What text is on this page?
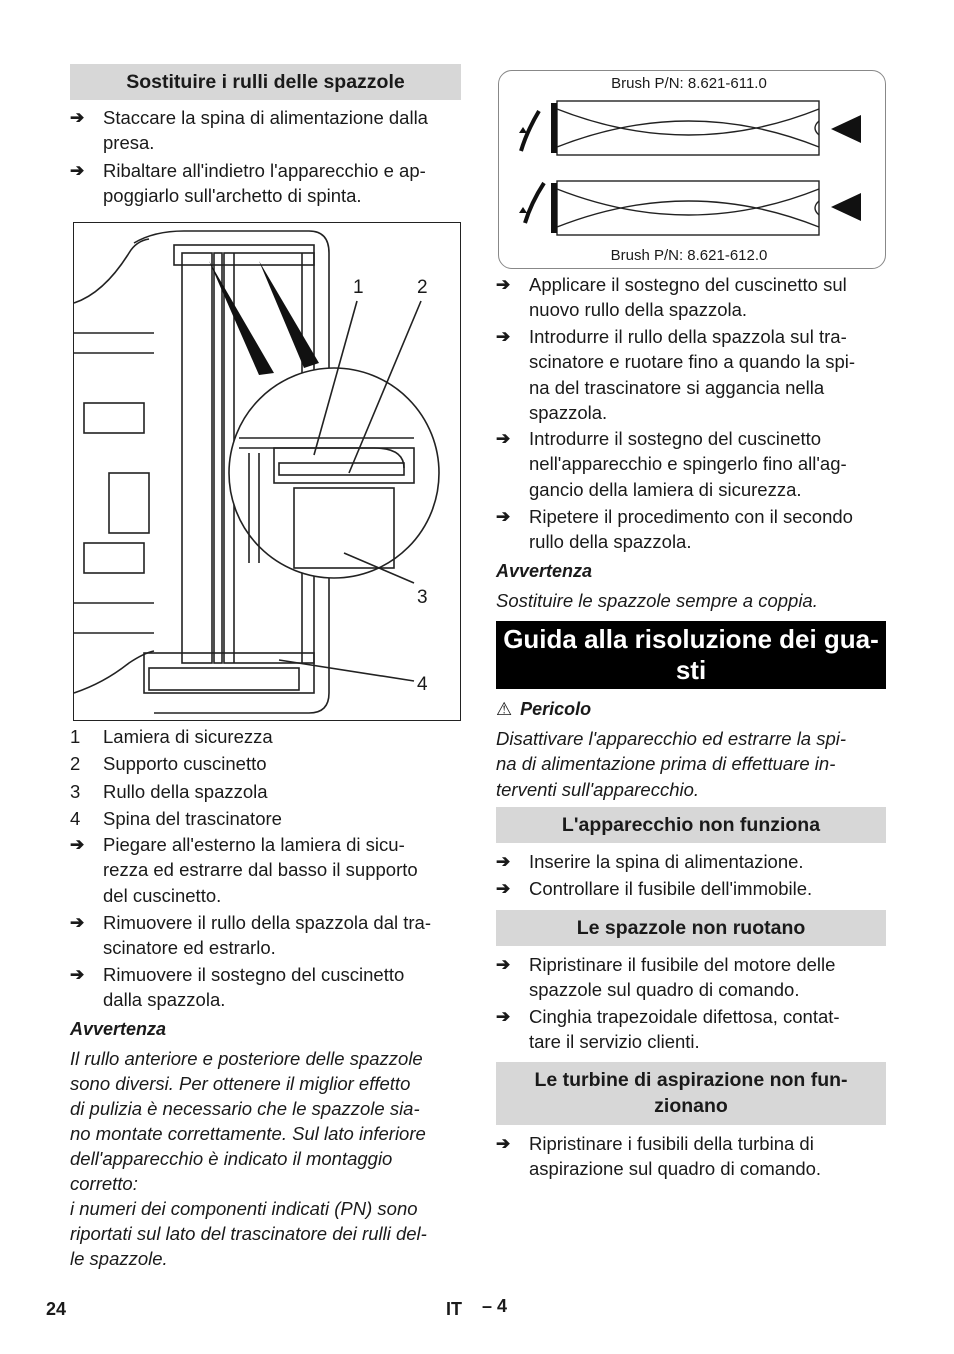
Sostituire i rulli delle spazzole
➔ Staccare la spina di alimentazione dalla
presa.
➔ Ribaltare all'indietro l'apparecchio e ap-
poggiarlo sull'archetto di spinta.
1	2
3
4
1 Lamiera di sicurezza
2 Supporto cuscinetto
3 Rullo della spazzola
4 Spina del trascinatore
➔ Piegare all'esterno la lamiera di sicu-
rezza ed estrarre dal basso il supporto
del cuscinetto.
➔ Rimuovere il rullo della spazzola dal tra-
scinatore ed estrarlo.
➔ Rimuovere il sostegno del cuscinetto
dalla spazzola.
Avvertenza
Il rullo anteriore e posteriore delle spazzole
sono diversi. Per ottenere il miglior effetto
di pulizia è necessario che le spazzole sia-
no montate correttamente. Sul lato inferiore
dell'apparecchio è indicato il montaggio
corretto:
i numeri dei componenti indicati (PN) sono
riportati sul lato del trascinatore dei rulli del-
le spazzole.
Brush P/N: 8.621-611.0
Brush P/N: 8.621-612.0
➔ Applicare il sostegno del cuscinetto sul
nuovo rullo della spazzola.
➔ Introdurre il rullo della spazzola sul tra-
scinatore e ruotare fino a quando la spi-
na del trascinatore si aggancia nella
spazzola.
➔ Introdurre il sostegno del cuscinetto
nell'apparecchio e spingerlo fino all'ag-
gancio della lamiera di sicurezza.
➔ Ripetere il procedimento con il secondo
rullo della spazzola.
Avvertenza
Sostituire le spazzole sempre a coppia.
Guida alla risoluzione dei gua-
sti
⚠ Pericolo
Disattivare l'apparecchio ed estrarre la spi-
na di alimentazione prima di effettuare in-
terventi sull'apparecchio.
L'apparecchio non funziona
➔ Inserire la spina di alimentazione.
➔ Controllare il fusibile dell'immobile.
Le spazzole non ruotano
➔ Ripristinare il fusibile del motore delle
spazzole sul quadro di comando.
➔ Cinghia trapezoidale difettosa, contat-
tare il servizio clienti.
Le turbine di aspirazione non fun-
zionano
➔ Ripristinare i fusibili della turbina di
aspirazione sul quadro di comando.
24	IT – 4
